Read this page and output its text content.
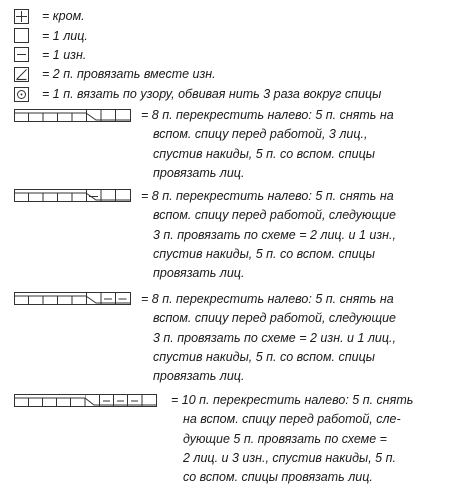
= кром.
= 1 лиц.
= 1 изн.
= 2 п. провязать вместе изн.
= 1 п. вязать по узору, обвивая нить 3 раза вокруг спицы
= 8 п. перекрестить налево: 5 п. снять на
вспом. спицу перед работой, 3 лиц.,
спустив накиды, 5 п. со вспом. спицы
провязать лиц.
= 8 п. перекрестить налево: 5 п. снять на
вспом. спицу перед работой, следующие
3 п. провязать по схеме = 2 лиц. и 1 изн.,
спустив накиды, 5 п. со вспом. спицы
провязать лиц.
= 8 п. перекрестить налево: 5 п. снять на
вспом. спицу перед работой, следующие
3 п. провязать по схеме = 2 изн. и 1 лиц.,
спустив накиды, 5 п. со вспом. спицы
провязать лиц.
= 10 п. перекрестить налево: 5 п. снять
на вспом. спицу перед работой, сле-
дующие 5 п. провязать по схеме =
2 лиц. и 3 изн., спустив накиды, 5 п.
со вспом. спицы провязать лиц.
